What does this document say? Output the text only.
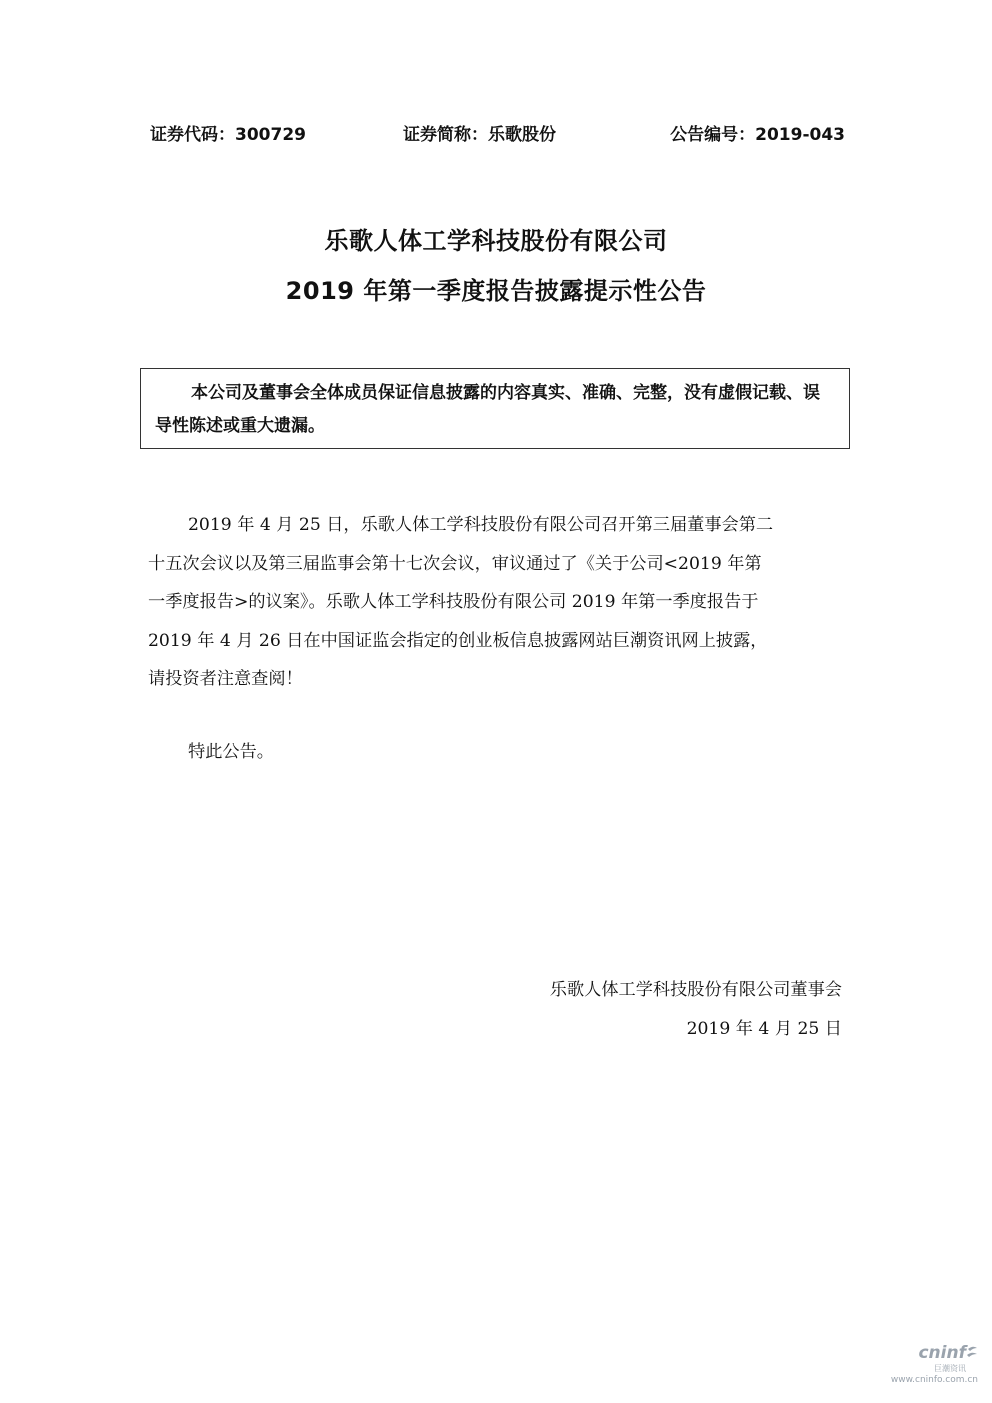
证券代码：300729	证券简称：乐歌股份	公告编号：2019-043
乐歌人体工学科技股份有限公司
2019 年第一季度报告披露提示性公告
本公司及董事会全体成员保证信息披露的内容真实、准确、完整，没有虚假记载、误导性陈述或重大遗漏。
2019 年 4 月 25 日，乐歌人体工学科技股份有限公司召开第三届董事会第二
十五次会议以及第三届监事会第十七次会议，审议通过了《关于公司<2019 年第
一季度报告>的议案》。乐歌人体工学科技股份有限公司 2019 年第一季度报告于
2019 年 4 月 26 日在中国证监会指定的创业板信息披露网站巨潮资讯网上披露，
请投资者注意查阅！
特此公告。
乐歌人体工学科技股份有限公司董事会
2019 年 4 月 25 日
cninf
巨潮资讯
www.cninfo.com.cn
